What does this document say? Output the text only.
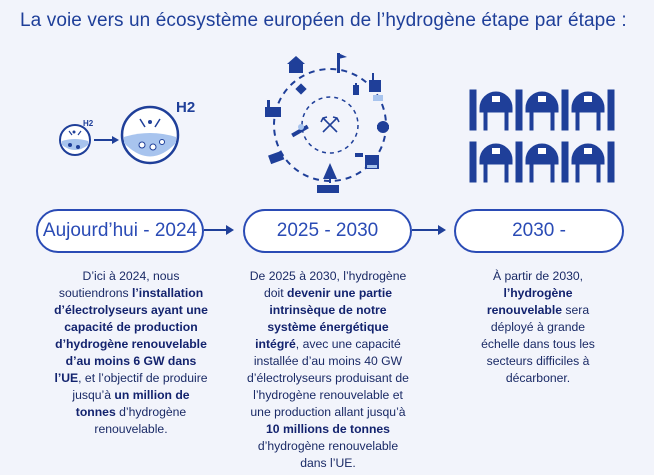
La voie vers un écosystème européen de l’hydrogène étape par étape :
H2
H2
Aujourd’hui - 2024	2025 - 2030	2030 -
D’ici à 2024, nous soutiendrons l’installation d’électrolyseurs ayant une capacité de production d’hydrogène renouvelable d’au moins 6 GW dans l’UE, et l’objectif de produire jusqu’à un million de tonnes d’hydrogène renouvelable.
De 2025 à 2030, l’hydrogène doit devenir une partie intrinsèque de notre système énergétique intégré, avec une capacité installée d’au moins 40 GW d’électrolyseurs produisant de l’hydrogène renouvelable et une production allant jusqu’à 10 millions de tonnes d’hydrogène renouvelable dans l’UE.
À partir de 2030, l’hydrogène renouvelable sera déployé à grande échelle dans tous les secteurs difficiles à décarboner.
